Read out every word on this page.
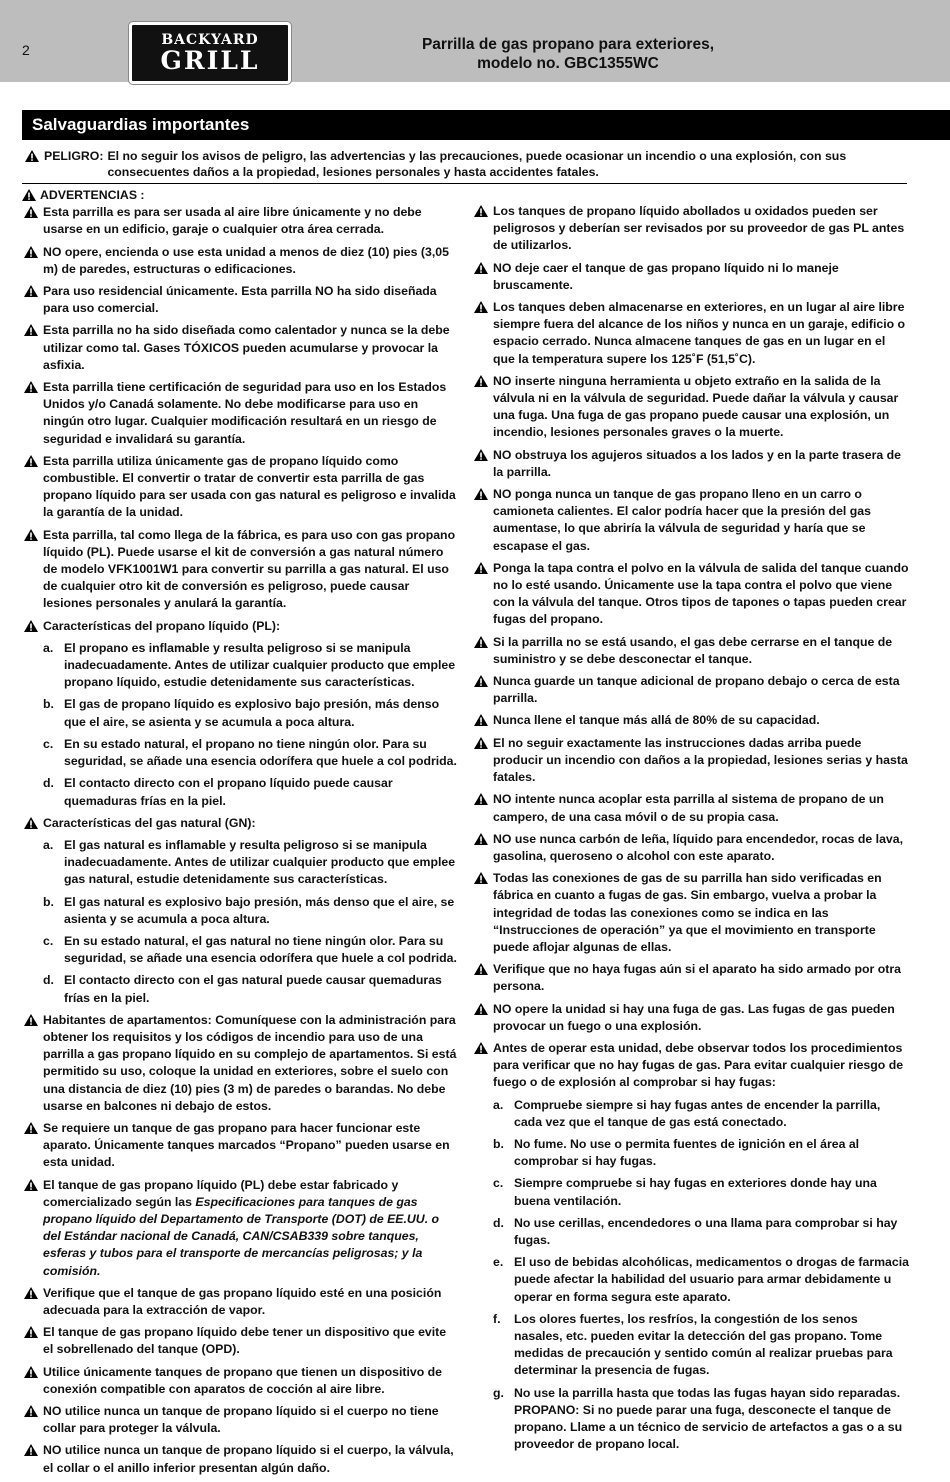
2
BACKYARD
GRILL
Parrilla de gas propano para exteriores,
modelo no. GBC1355WC
Salvaguardias importantes
PELIGRO: El no seguir los avisos de peligro, las advertencias y las precauciones, puede ocasionar un incendio o una explosión, con sus consecuentes daños a la propiedad, lesiones personales y hasta accidentes fatales.
ADVERTENCIAS :
Esta parrilla es para ser usada al aire libre únicamente y no debe usarse en un edificio, garaje o cualquier otra área cerrada.
NO opere, encienda o use esta unidad a menos de diez (10) pies (3,05 m) de paredes, estructuras o edificaciones.
Para uso residencial únicamente. Esta parrilla NO ha sido diseñada para uso comercial.
Esta parrilla no ha sido diseñada como calentador y nunca se la debe utilizar como tal. Gases TÓXICOS pueden acumularse y provocar la asfixia.
Esta parrilla tiene certificación de seguridad para uso en los Estados Unidos y/o Canadá solamente. No debe modificarse para uso en ningún otro lugar. Cualquier modificación resultará en un riesgo de seguridad e invalidará su garantía.
Esta parrilla utiliza únicamente gas de propano líquido como combustible. El convertir o tratar de convertir esta parrilla de gas propano líquido para ser usada con gas natural es peligroso e invalida la garantía de la unidad.
Esta parrilla, tal como llega de la fábrica, es para uso con gas propano líquido (PL). Puede usarse el kit de conversión a gas natural número de modelo VFK1001W1 para convertir su parrilla a gas natural. El uso de cualquier otro kit de conversión es peligroso, puede causar lesiones personales y anulará la garantía.
Características del propano líquido (PL):
a. El propano es inflamable y resulta peligroso si se manipula inadecuadamente. Antes de utilizar cualquier producto que emplee propano líquido, estudie detenidamente sus características.
b. El gas de propano líquido es explosivo bajo presión, más denso que el aire, se asienta y se acumula a poca altura.
c. En su estado natural, el propano no tiene ningún olor. Para su seguridad, se añade una esencia odorífera que huele a col podrida.
d. El contacto directo con el propano líquido puede causar quemaduras frías en la piel.
Características del gas natural (GN):
a. El gas natural es inflamable y resulta peligroso si se manipula inadecuadamente. Antes de utilizar cualquier producto que emplee gas natural, estudie detenidamente sus características.
b. El gas natural es explosivo bajo presión, más denso que el aire, se asienta y se acumula a poca altura.
c. En su estado natural, el gas natural no tiene ningún olor. Para su seguridad, se añade una esencia odorífera que huele a col podrida.
d. El contacto directo con el gas natural puede causar quemaduras frías en la piel.
Habitantes de apartamentos: Comuníquese con la administración para obtener los requisitos y los códigos de incendio para uso de una parrilla a gas propano líquido en su complejo de apartamentos. Si está permitido su uso, coloque la unidad en exteriores, sobre el suelo con una distancia de diez (10) pies (3 m) de paredes o barandas. No debe usarse en balcones ni debajo de estos.
Se requiere un tanque de gas propano para hacer funcionar este aparato. Únicamente tanques marcados “Propano” pueden usarse en esta unidad.
El tanque de gas propano líquido (PL) debe estar fabricado y comercializado según las Especificaciones para tanques de gas propano líquido del Departamento de Transporte (DOT) de EE.UU. o del Estándar nacional de Canadá, CAN/CSAB339 sobre tanques, esferas y tubos para el transporte de mercancías peligrosas; y la comisión.
Verifique que el tanque de gas propano líquido esté en una posición adecuada para la extracción de vapor.
El tanque de gas propano líquido debe tener un dispositivo que evite el sobrellenado del tanque (OPD).
Utilice únicamente tanques de propano que tienen un dispositivo de conexión compatible con aparatos de cocción al aire libre.
NO utilice nunca un tanque de propano líquido si el cuerpo no tiene collar para proteger la válvula.
NO utilice nunca un tanque de propano líquido si el cuerpo, la válvula, el collar o el anillo inferior presentan algún daño.
Los tanques de propano líquido abollados u oxidados pueden ser peligrosos y deberían ser revisados por su proveedor de gas PL antes de utilizarlos.
NO deje caer el tanque de gas propano líquido ni lo maneje bruscamente.
Los tanques deben almacenarse en exteriores, en un lugar al aire libre siempre fuera del alcance de los niños y nunca en un garaje, edificio o espacio cerrado. Nunca almacene tanques de gas en un lugar en el que la temperatura supere los 125˚F (51,5˚C).
NO inserte ninguna herramienta u objeto extraño en la salida de la válvula ni en la válvula de seguridad. Puede dañar la válvula y causar una fuga. Una fuga de gas propano puede causar una explosión, un incendio, lesiones personales graves o la muerte.
NO obstruya los agujeros situados a los lados y en la parte trasera de la parrilla.
NO ponga nunca un tanque de gas propano lleno en un carro o camioneta calientes. El calor podría hacer que la presión del gas aumentase, lo que abriría la válvula de seguridad y haría que se escapase el gas.
Ponga la tapa contra el polvo en la válvula de salida del tanque cuando no lo esté usando. Únicamente use la tapa contra el polvo que viene con la válvula del tanque. Otros tipos de tapones o tapas pueden crear fugas del propano.
Si la parrilla no se está usando, el gas debe cerrarse en el tanque de suministro y se debe desconectar el tanque.
Nunca guarde un tanque adicional de propano debajo o cerca de esta parrilla.
Nunca llene el tanque más allá de 80% de su capacidad.
El no seguir exactamente las instrucciones dadas arriba puede producir un incendio con daños a la propiedad, lesiones serias y hasta fatales.
NO intente nunca acoplar esta parrilla al sistema de propano de un campero, de una casa móvil o de su propia casa.
NO use nunca carbón de leña, líquido para encendedor, rocas de lava, gasolina, queroseno o alcohol con este aparato.
Todas las conexiones de gas de su parrilla han sido verificadas en fábrica en cuanto a fugas de gas. Sin embargo, vuelva a probar la integridad de todas las conexiones como se indica en las “Instrucciones de operación” ya que el movimiento en transporte puede aflojar algunas de ellas.
Verifique que no haya fugas aún si el aparato ha sido armado por otra persona.
NO opere la unidad si hay una fuga de gas. Las fugas de gas pueden provocar un fuego o una explosión.
Antes de operar esta unidad, debe observar todos los procedimientos para verificar que no hay fugas de gas. Para evitar cualquier riesgo de fuego o de explosión al comprobar si hay fugas:
a. Compruebe siempre si hay fugas antes de encender la parrilla, cada vez que el tanque de gas está conectado.
b. No fume. No use o permita fuentes de ignición en el área al comprobar si hay fugas.
c. Siempre compruebe si hay fugas en exteriores donde hay una buena ventilación.
d. No use cerillas, encendedores o una llama para comprobar si hay fugas.
e. El uso de bebidas alcohólicas, medicamentos o drogas de farmacia puede afectar la habilidad del usuario para armar debidamente u operar en forma segura este aparato.
f. Los olores fuertes, los resfríos, la congestión de los senos nasales, etc. pueden evitar la detección del gas propano. Tome medidas de precaución y sentido común al realizar pruebas para determinar la presencia de fugas.
g. No use la parrilla hasta que todas las fugas hayan sido reparadas. PROPANO: Si no puede parar una fuga, desconecte el tanque de propano. Llame a un técnico de servicio de artefactos a gas o a su proveedor de propano local.
